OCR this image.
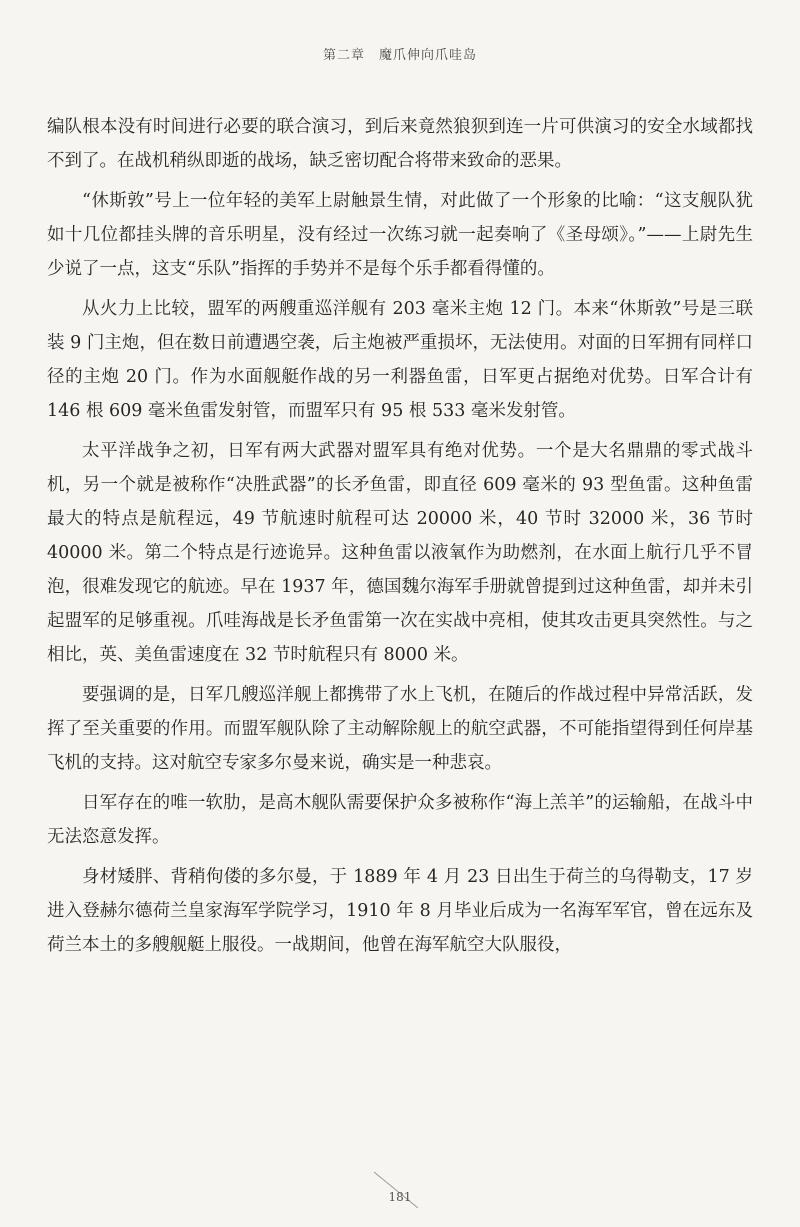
第二章　魔爪伸向爪哇岛

编队根本没有时间进行必要的联合演习，到后来竟然狼狈到连一片可供演习的安全水域都找不到了。在战机稍纵即逝的战场，缺乏密切配合将带来致命的恶果。

“休斯敦”号上一位年轻的美军上尉触景生情，对此做了一个形象的比喻：“这支舰队犹如十几位都挂头牌的音乐明星，没有经过一次练习就一起奏响了《圣母颂》。”——上尉先生少说了一点，这支“乐队”指挥的手势并不是每个乐手都看得懂的。

从火力上比较，盟军的两艘重巡洋舰有 203 毫米主炮 12 门。本来“休斯敦”号是三联装 9 门主炮，但在数日前遭遇空袭，后主炮被严重损坏，无法使用。对面的日军拥有同样口径的主炮 20 门。作为水面舰艇作战的另一利器鱼雷，日军更占据绝对优势。日军合计有 146 根 609 毫米鱼雷发射管，而盟军只有 95 根 533 毫米发射管。

太平洋战争之初，日军有两大武器对盟军具有绝对优势。一个是大名鼎鼎的零式战斗机，另一个就是被称作“决胜武器”的长矛鱼雷，即直径 609 毫米的 93 型鱼雷。这种鱼雷最大的特点是航程远，49 节航速时航程可达 20000 米，40 节时 32000 米，36 节时 40000 米。第二个特点是行迹诡异。这种鱼雷以液氧作为助燃剂，在水面上航行几乎不冒泡，很难发现它的航迹。早在 1937 年，德国魏尔海军手册就曾提到过这种鱼雷，却并未引起盟军的足够重视。爪哇海战是长矛鱼雷第一次在实战中亮相，使其攻击更具突然性。与之相比，英、美鱼雷速度在 32 节时航程只有 8000 米。

要强调的是，日军几艘巡洋舰上都携带了水上飞机，在随后的作战过程中异常活跃，发挥了至关重要的作用。而盟军舰队除了主动解除舰上的航空武器，不可能指望得到任何岸基飞机的支持。这对航空专家多尔曼来说，确实是一种悲哀。

日军存在的唯一软肋，是高木舰队需要保护众多被称作“海上羔羊”的运输船，在战斗中无法恣意发挥。

身材矮胖、背稍佝偻的多尔曼，于 1889 年 4 月 23 日出生于荷兰的乌得勒支，17 岁进入登赫尔德荷兰皇家海军学院学习，1910 年 8 月毕业后成为一名海军军官，曾在远东及荷兰本土的多艘舰艇上服役。一战期间，他曾在海军航空大队服役，

181
